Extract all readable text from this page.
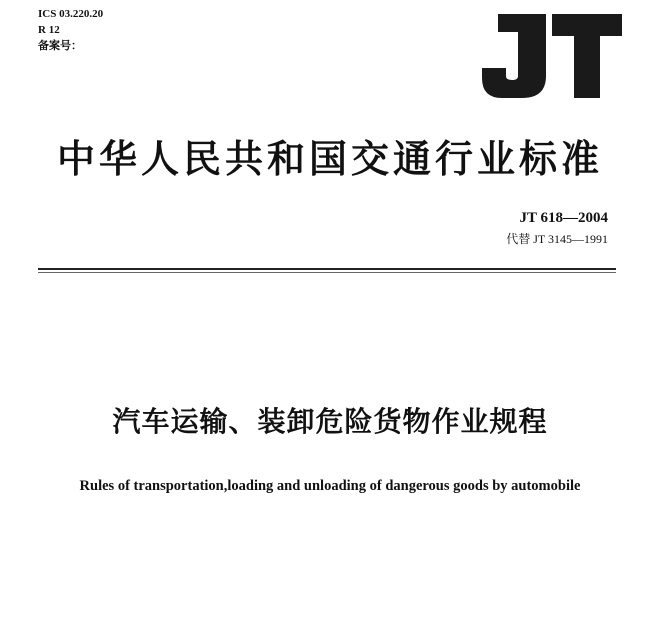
ICS 03.220.20
R 12
备案号：
中华人民共和国交通行业标准
JT 618—2004
代替 JT 3145—1991
汽车运输、装卸危险货物作业规程
Rules of transportation,loading and unloading of dangerous goods by automobile
